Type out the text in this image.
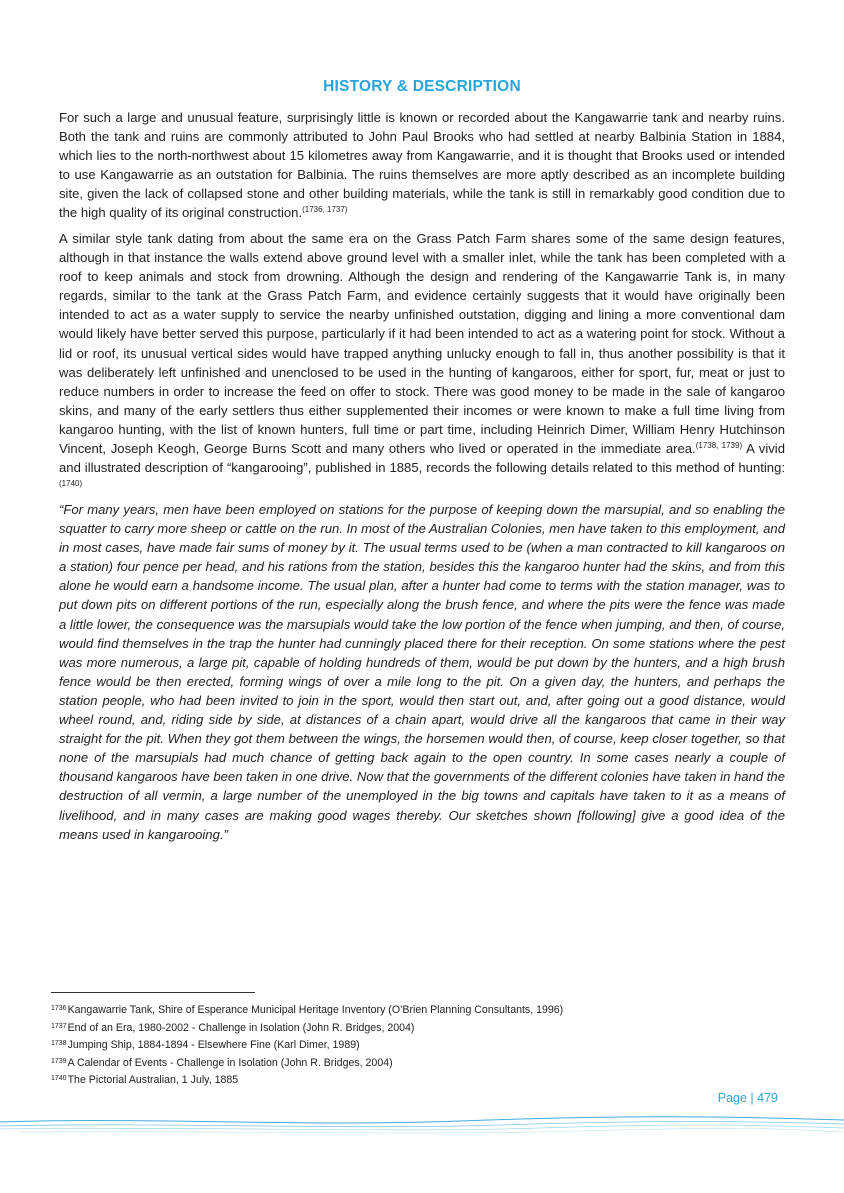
HISTORY & DESCRIPTION

For such a large and unusual feature, surprisingly little is known or recorded about the Kangawarrie tank and nearby ruins. Both the tank and ruins are commonly attributed to John Paul Brooks who had settled at nearby Balbinia Station in 1884, which lies to the north-northwest about 15 kilometres away from Kangawarrie, and it is thought that Brooks used or intended to use Kangawarrie as an outstation for Balbinia. The ruins themselves are more aptly described as an incomplete building site, given the lack of collapsed stone and other building materials, while the tank is still in remarkably good condition due to the high quality of its original construction.$^{(1736, 1737)}$

A similar style tank dating from about the same era on the Grass Patch Farm shares some of the same design features, although in that instance the walls extend above ground level with a smaller inlet, while the tank has been completed with a roof to keep animals and stock from drowning. Although the design and rendering of the Kangawarrie Tank is, in many regards, similar to the tank at the Grass Patch Farm, and evidence certainly suggests that it would have originally been intended to act as a water supply to service the nearby unfinished outstation, digging and lining a more conventional dam would likely have better served this purpose, particularly if it had been intended to act as a watering point for stock. Without a lid or roof, its unusual vertical sides would have trapped anything unlucky enough to fall in, thus another possibility is that it was deliberately left unfinished and unenclosed to be used in the hunting of kangaroos, either for sport, fur, meat or just to reduce numbers in order to increase the feed on offer to stock. There was good money to be made in the sale of kangaroo skins, and many of the early settlers thus either supplemented their incomes or were known to make a full time living from kangaroo hunting, with the list of known hunters, full time or part time, including Heinrich Dimer, William Henry Hutchinson Vincent, Joseph Keogh, George Burns Scott and many others who lived or operated in the immediate area.$^{(1738, 1739)}$ A vivid and illustrated description of “kangarooing”, published in 1885, records the following details related to this method of hunting:$^{(1740)}$

“For many years, men have been employed on stations for the purpose of keeping down the marsupial, and so enabling the squatter to carry more sheep or cattle on the run. In most of the Australian Colonies, men have taken to this employment, and in most cases, have made fair sums of money by it. The usual terms used to be (when a man contracted to kill kangaroos on a station) four pence per head, and his rations from the station, besides this the kangaroo hunter had the skins, and from this alone he would earn a handsome income. The usual plan, after a hunter had come to terms with the station manager, was to put down pits on different portions of the run, especially along the brush fence, and where the pits were the fence was made a little lower, the consequence was the marsupials would take the low portion of the fence when jumping, and then, of course, would find themselves in the trap the hunter had cunningly placed there for their reception. On some stations where the pest was more numerous, a large pit, capable of holding hundreds of them, would be put down by the hunters, and a high brush fence would be then erected, forming wings of over a mile long to the pit. On a given day, the hunters, and perhaps the station people, who had been invited to join in the sport, would then start out, and, after going out a good distance, would wheel round, and, riding side by side, at distances of a chain apart, would drive all the kangaroos that came in their way straight for the pit. When they got them between the wings, the horsemen would then, of course, keep closer together, so that none of the marsupials had much chance of getting back again to the open country. In some cases nearly a couple of thousand kangaroos have been taken in one drive. Now that the governments of the different colonies have taken in hand the destruction of all vermin, a large number of the unemployed in the big towns and capitals have taken to it as a means of livelihood, and in many cases are making good wages thereby. Our sketches shown [following] give a good idea of the means used in kangarooing.”

$^{1736}$Kangawarrie Tank, Shire of Esperance Municipal Heritage Inventory (O’Brien Planning Consultants, 1996)
$^{1737}$End of an Era, 1980-2002 - Challenge in Isolation (John R. Bridges, 2004)
$^{1738}$Jumping Ship, 1884-1894 - Elsewhere Fine (Karl Dimer, 1989)
$^{1739}$A Calendar of Events - Challenge in Isolation (John R. Bridges, 2004)
$^{1740}$The Pictorial Australian, 1 July, 1885
Page | 479
